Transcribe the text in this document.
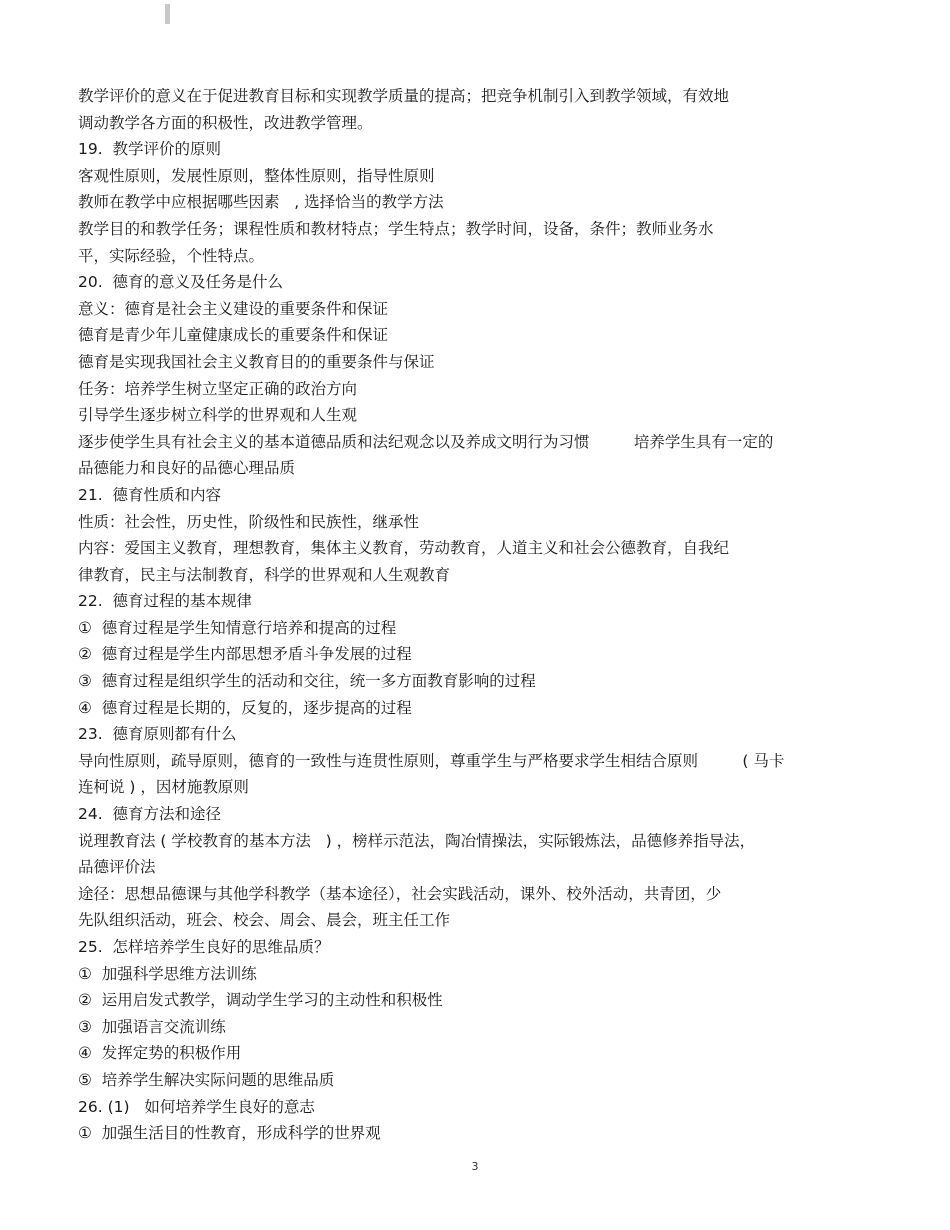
教学评价的意义在于促进教育目标和实现教学质量的提高；把竞争机制引入到教学领域，有效地
调动教学各方面的积极性，改进教学管理。
19.  教学评价的原则
客观性原则，发展性原则，整体性原则，指导性原则
教师在教学中应根据哪些因素   , 选择恰当的教学方法
教学目的和教学任务；课程性质和教材特点；学生特点；教学时间，设备，条件；教师业务水
平，实际经验，个性特点。
20.  德育的意义及任务是什么
意义：德育是社会主义建设的重要条件和保证
德育是青少年儿童健康成长的重要条件和保证
德育是实现我国社会主义教育目的的重要条件与保证
任务：培养学生树立坚定正确的政治方向
引导学生逐步树立科学的世界观和人生观
逐步使学生具有社会主义的基本道德品质和法纪观念以及养成文明行为习惯         培养学生具有一定的
品德能力和良好的品德心理品质
21.  德育性质和内容
性质：社会性，历史性，阶级性和民族性，继承性
内容：爱国主义教育，理想教育，集体主义教育，劳动教育，人道主义和社会公德教育，自我纪
律教育，民主与法制教育，科学的世界观和人生观教育
22.  德育过程的基本规律
①  德育过程是学生知情意行培养和提高的过程
②  德育过程是学生内部思想矛盾斗争发展的过程
③  德育过程是组织学生的活动和交往，统一多方面教育影响的过程
④  德育过程是长期的，反复的，逐步提高的过程
23.  德育原则都有什么
导向性原则，疏导原则，德育的一致性与连贯性原则，尊重学生与严格要求学生相结合原则         ( 马卡
连柯说 ) ，因材施教原则
24.  德育方法和途径
说理教育法 ( 学校教育的基本方法   ) ，榜样示范法，陶冶情操法，实际锻炼法，品德修养指导法，
品德评价法
途径：思想品德课与其他学科教学（基本途径），社会实践活动，课外、校外活动，共青团，少
先队组织活动，班会、校会、周会、晨会，班主任工作
25.  怎样培养学生良好的思维品质？
①  加强科学思维方法训练
②  运用启发式教学，调动学生学习的主动性和积极性
③  加强语言交流训练
④  发挥定势的积极作用
⑤  培养学生解决实际问题的思维品质
26. (1)   如何培养学生良好的意志
①  加强生活目的性教育，形成科学的世界观
3
